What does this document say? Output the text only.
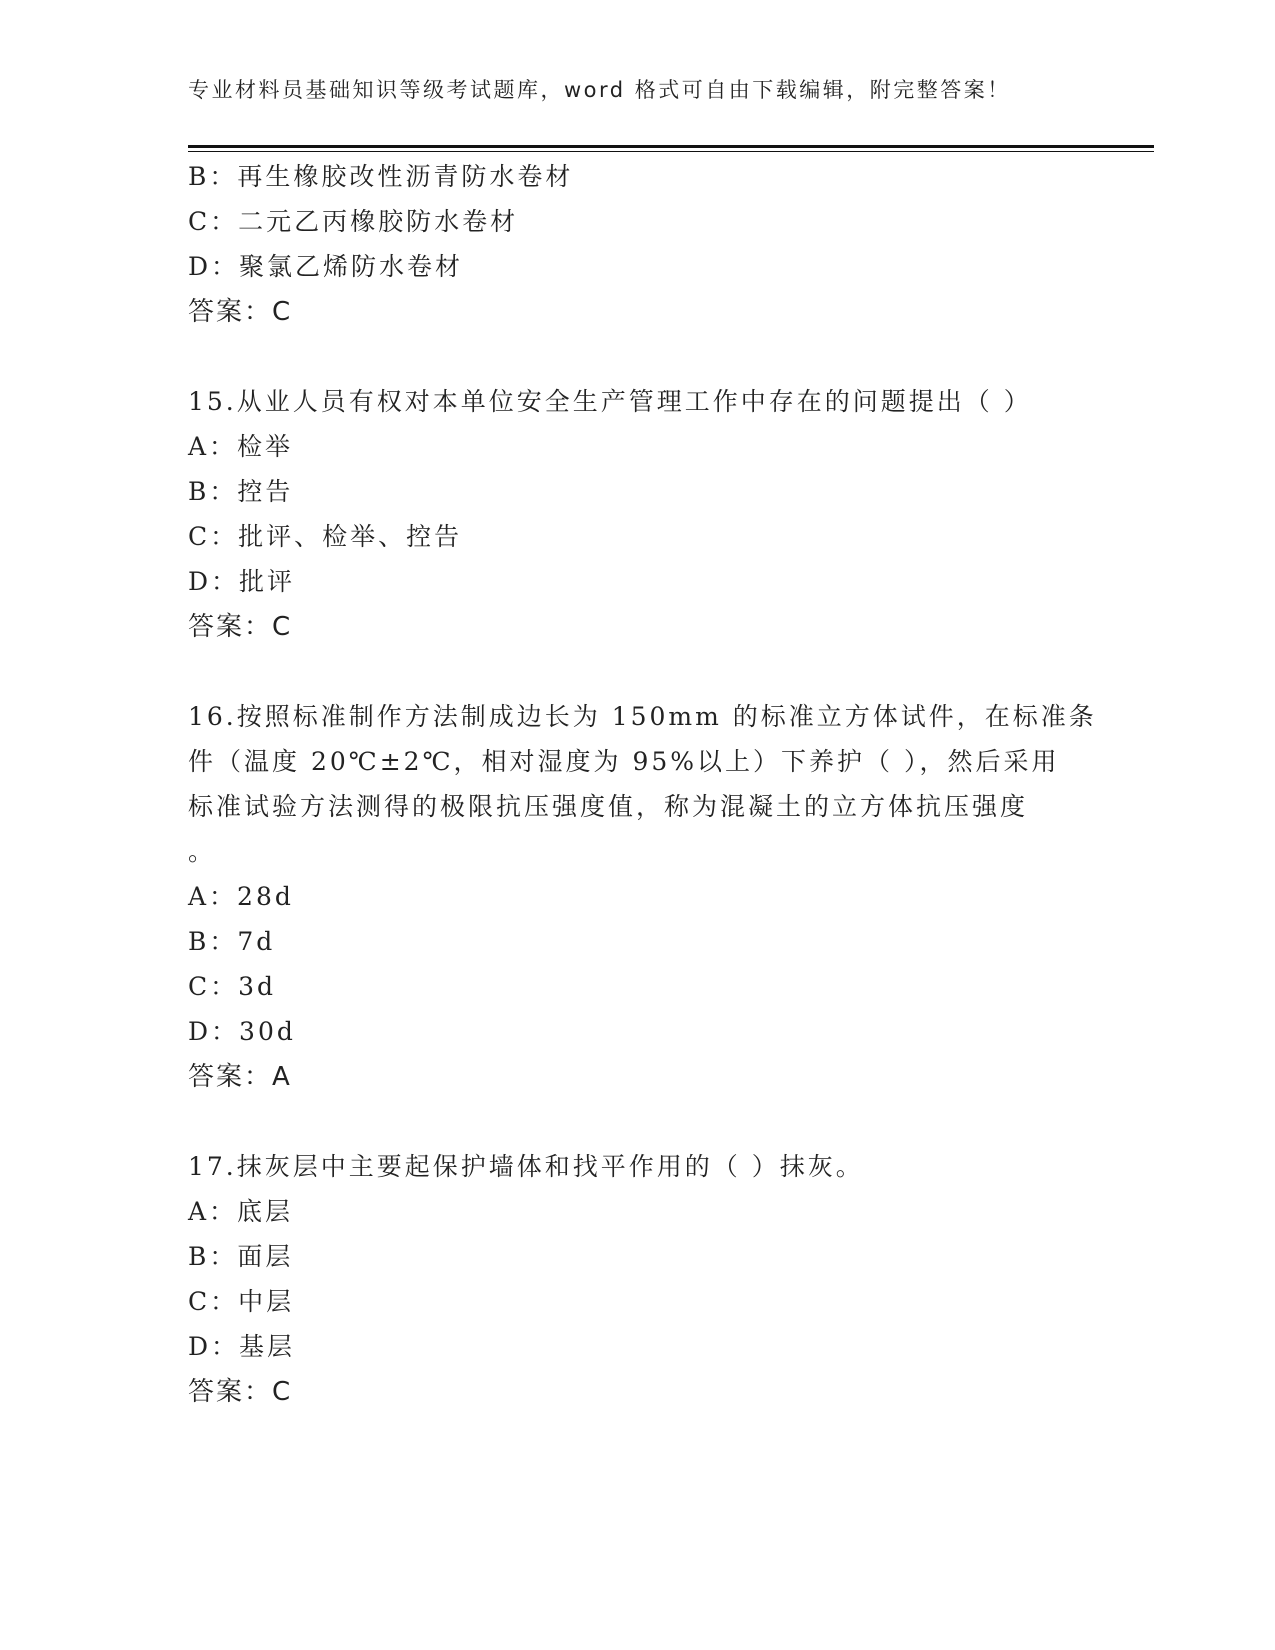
专业材料员基础知识等级考试题库，word 格式可自由下载编辑，附完整答案！
B：再生橡胶改性沥青防水卷材
C：二元乙丙橡胶防水卷材
D：聚氯乙烯防水卷材
答案：C
15.从业人员有权对本单位安全生产管理工作中存在的问题提出（ ）
A：检举
B：控告
C：批评、检举、控告
D：批评
答案：C
16.按照标准制作方法制成边长为 150mm 的标准立方体试件，在标准条
件（温度 20℃±2℃，相对湿度为 95%以上）下养护（ ），然后采用
标准试验方法测得的极限抗压强度值，称为混凝土的立方体抗压强度
。
A：28d
B：7d
C：3d
D：30d
答案：A
17.抹灰层中主要起保护墙体和找平作用的（ ）抹灰。
A：底层
B：面层
C：中层
D：基层
答案：C
